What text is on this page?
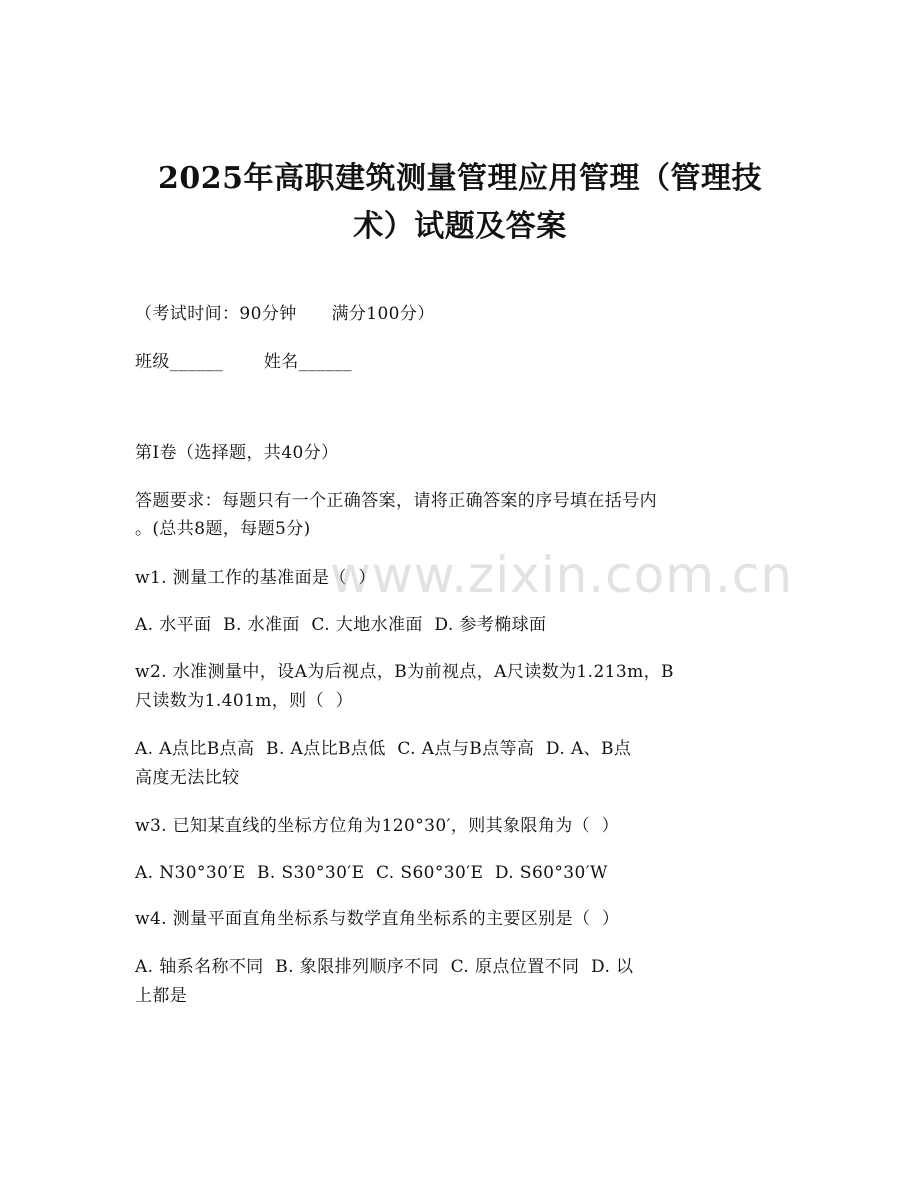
2025年高职建筑测量管理应用管理（管理技
术）试题及答案

（考试时间：90分钟      满分100分）

班级______       姓名______

第I卷（选择题，共40分）

答题要求：每题只有一个正确答案，请将正确答案的序号填在括号内

。(总共8题，每题5分)

www.zixin.com.cn

w1. 测量工作的基准面是（  ）

A. 水平面  B. 水准面  C. 大地水准面  D. 参考椭球面

w2. 水准测量中，设A为后视点，B为前视点，A尺读数为1.213m，B

尺读数为1.401m，则（  ）

A. A点比B点高  B. A点比B点低  C. A点与B点等高  D. A、B点

高度无法比较

w3. 已知某直线的坐标方位角为120°30′，则其象限角为（  ）

A. N30°30′E  B. S30°30′E  C. S60°30′E  D. S60°30′W

w4. 测量平面直角坐标系与数学直角坐标系的主要区别是（  ）

A. 轴系名称不同  B. 象限排列顺序不同  C. 原点位置不同  D. 以

上都是
